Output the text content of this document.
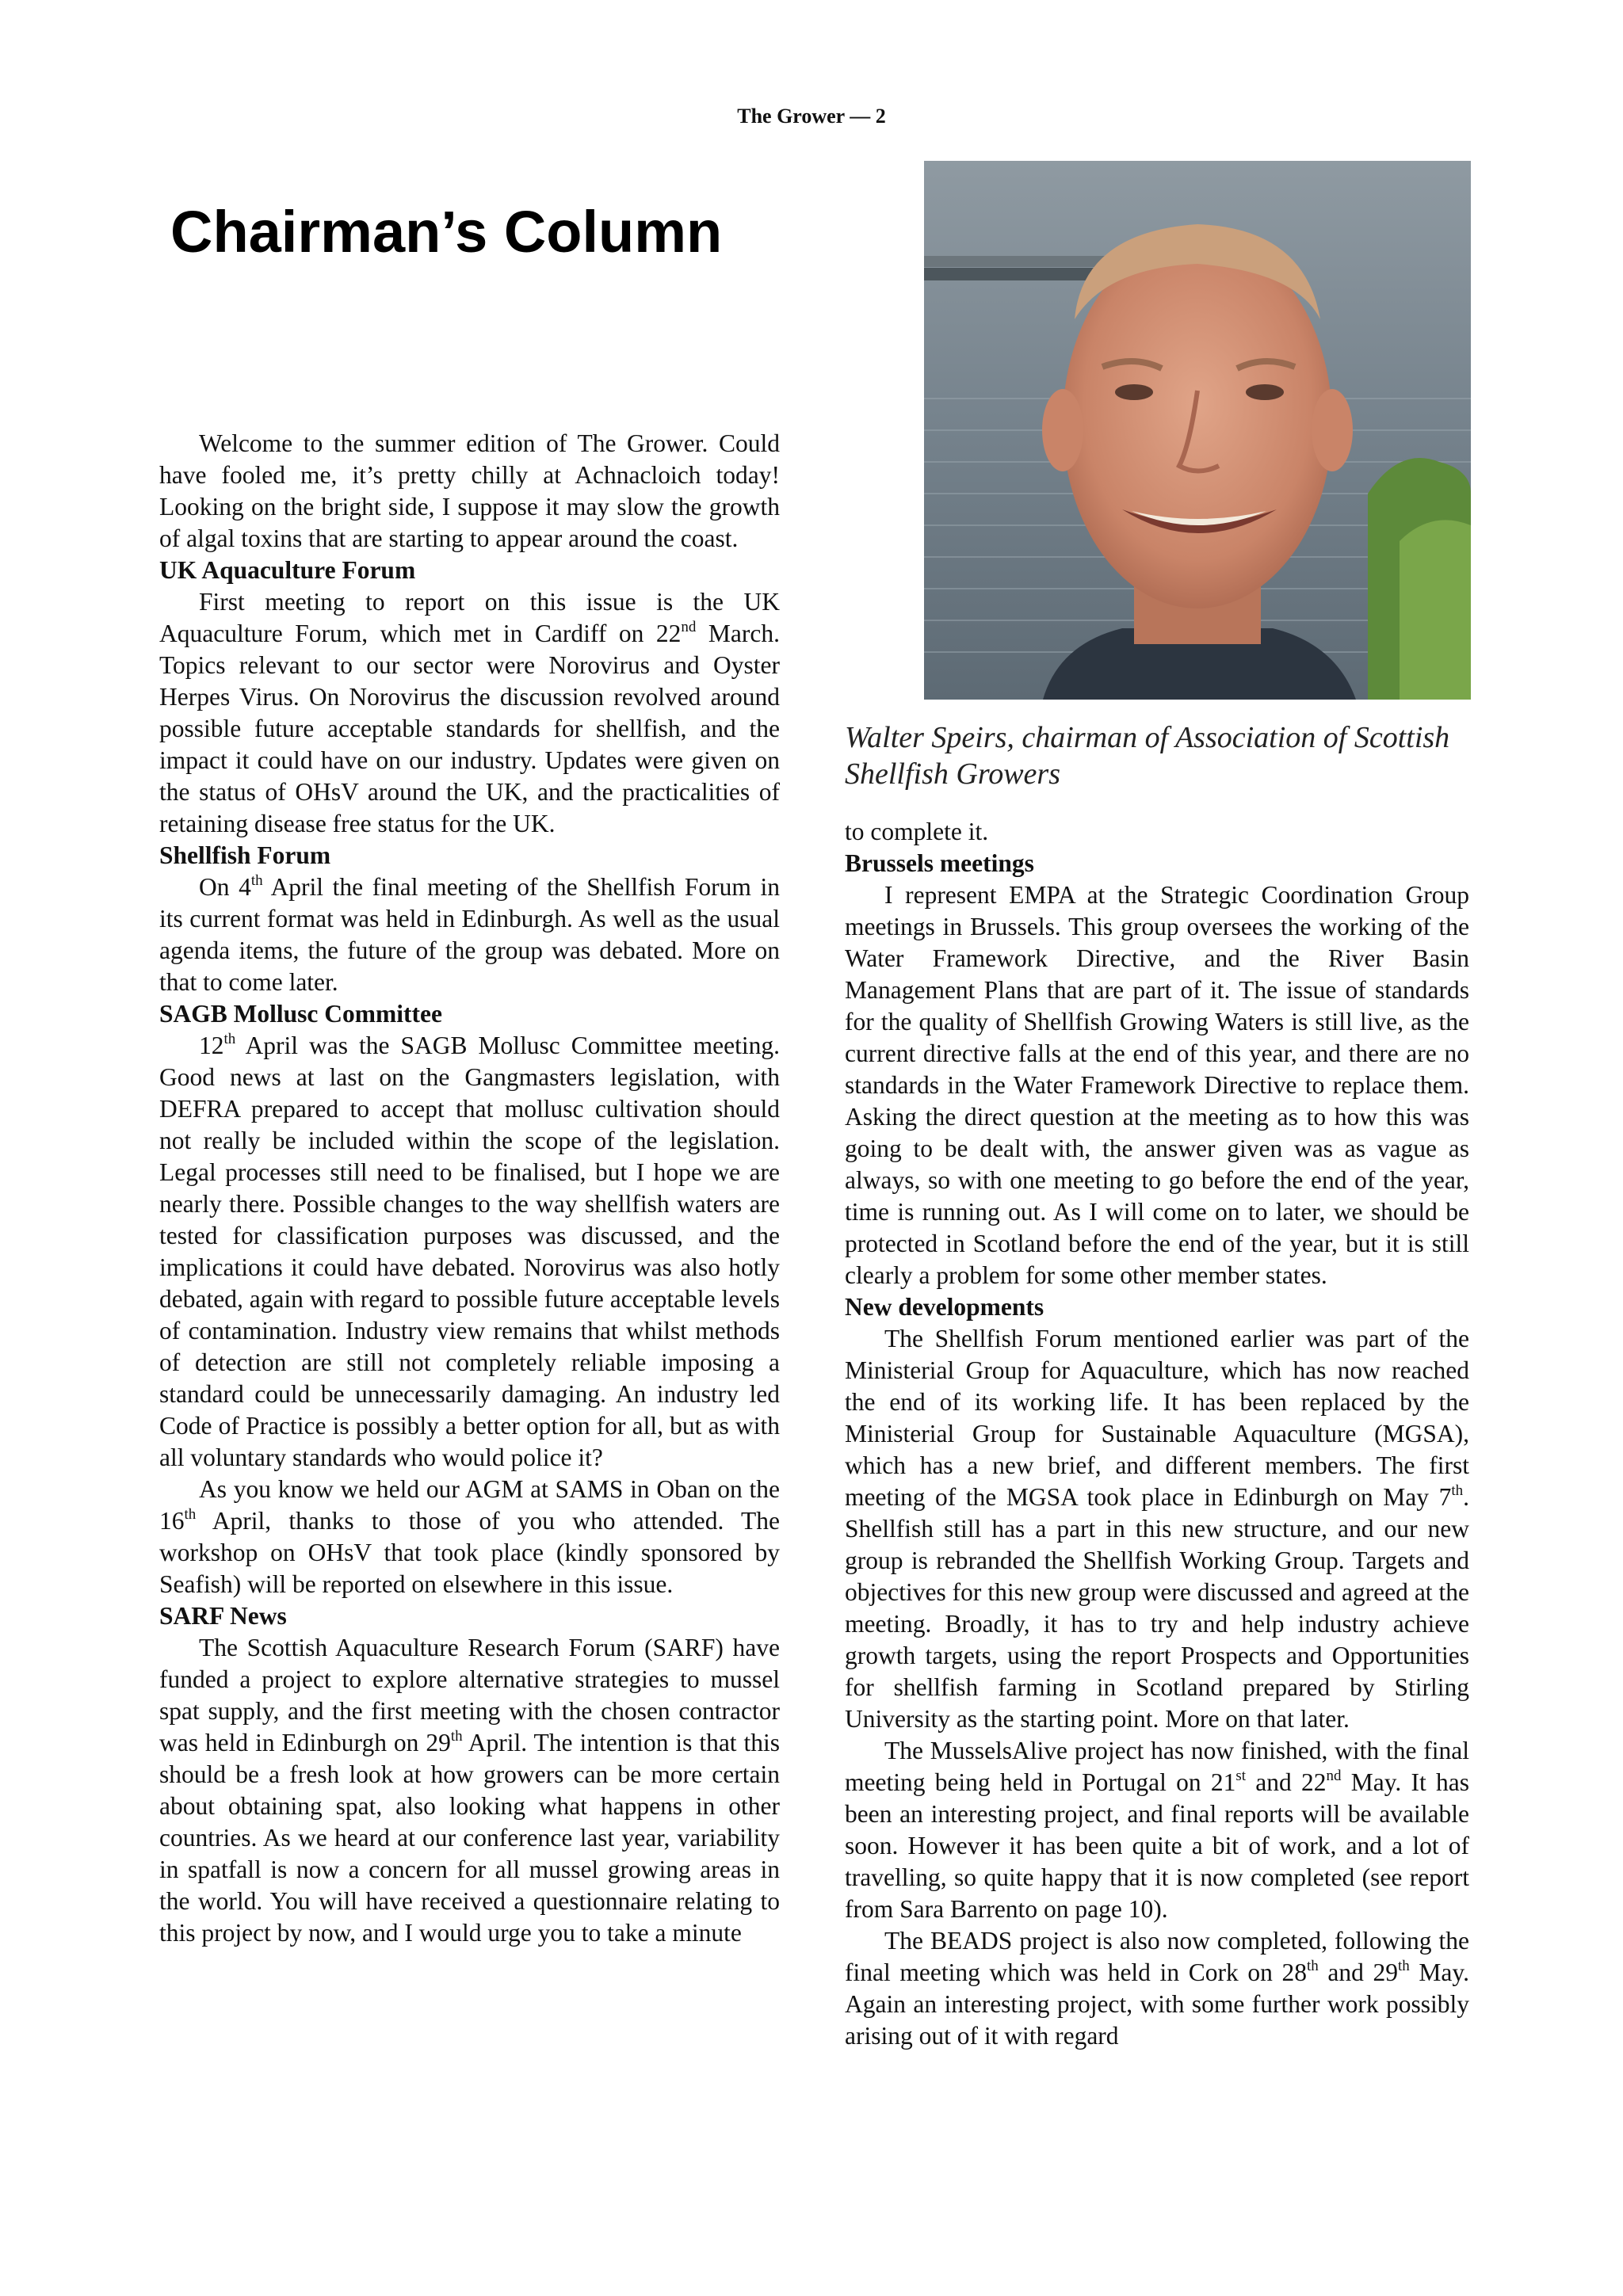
The Grower — 2
Chairman’s Column
Walter Speirs, chairman of Association of Scottish Shellfish Growers

Welcome to the summer edition of The Grower. Could have fooled me, it’s pretty chilly at Achnacloich today! Looking on the bright side, I suppose it may slow the growth of algal toxins that are starting to appear around the coast.

UK Aquaculture Forum

First meeting to report on this issue is the UK Aquaculture Forum, which met in Cardiff on 22nd March. Topics relevant to our sector were Norovirus and Oyster Herpes Virus. On Norovirus the discussion revolved around possible future acceptable standards for shellfish, and the impact it could have on our industry. Updates were given on the status of OHsV around the UK, and the practicalities of retaining disease free status for the UK.

Shellfish Forum

On 4th April the final meeting of the Shellfish Forum in its current format was held in Edinburgh. As well as the usual agenda items, the future of the group was debated. More on that to come later.

SAGB Mollusc Committee

12th April was the SAGB Mollusc Committee meeting. Good news at last on the Gangmasters legislation, with DEFRA prepared to accept that mollusc cultivation should not really be included within the scope of the legislation. Legal processes still need to be finalised, but I hope we are nearly there. Possible changes to the way shellfish waters are tested for classification purposes was discussed, and the implications it could have debated. Norovirus was also hotly debated, again with regard to possible future acceptable levels of contamination. Industry view remains that whilst methods of detection are still not completely reliable imposing a standard could be unnecessarily damaging. An industry led Code of Practice is possibly a better option for all, but as with all voluntary standards who would police it?

As you know we held our AGM at SAMS in Oban on the 16th April, thanks to those of you who attended. The workshop on OHsV that took place (kindly sponsored by Seafish) will be reported on elsewhere in this issue.

SARF News

The Scottish Aquaculture Research Forum (SARF) have funded a project to explore alternative strategies to mussel spat supply, and the first meeting with the chosen contractor was held in Edinburgh on 29th April. The intention is that this should be a fresh look at how growers can be more certain about obtaining spat, also looking what happens in other countries. As we heard at our conference last year, variability in spatfall is now a concern for all mussel growing areas in the world. You will have received a questionnaire relating to this project by now, and I would urge you to take a minute

to complete it.

Brussels meetings

I represent EMPA at the Strategic Coordination Group meetings in Brussels. This group oversees the working of the Water Framework Directive, and the River Basin Management Plans that are part of it. The issue of standards for the quality of Shellfish Growing Waters is still live, as the current directive falls at the end of this year, and there are no standards in the Water Framework Directive to replace them. Asking the direct question at the meeting as to how this was going to be dealt with, the answer given was as vague as always, so with one meeting to go before the end of the year, time is running out. As I will come on to later, we should be protected in Scotland before the end of the year, but it is still clearly a problem for some other member states.

New developments

The Shellfish Forum mentioned earlier was part of the Ministerial Group for Aquaculture, which has now reached the end of its working life. It has been replaced by the Ministerial Group for Sustainable Aquaculture (MGSA), which has a new brief, and different members. The first meeting of the MGSA took place in Edinburgh on May 7th. Shellfish still has a part in this new structure, and our new group is rebranded the Shellfish Working Group. Targets and objectives for this new group were discussed and agreed at the meeting. Broadly, it has to try and help industry achieve growth targets, using the report Prospects and Opportunities for shellfish farming in Scotland prepared by Stirling University as the starting point. More on that later.

The MusselsAlive project has now finished, with the final meeting being held in Portugal on 21st and 22nd May. It has been an interesting project, and final reports will be available soon. However it has been quite a bit of work, and a lot of travelling, so quite happy that it is now completed (see report from Sara Barrento on page 10).

The BEADS project is also now completed, following the final meeting which was held in Cork on 28th and 29th May. Again an interesting project, with some further work possibly arising out of it with regard
